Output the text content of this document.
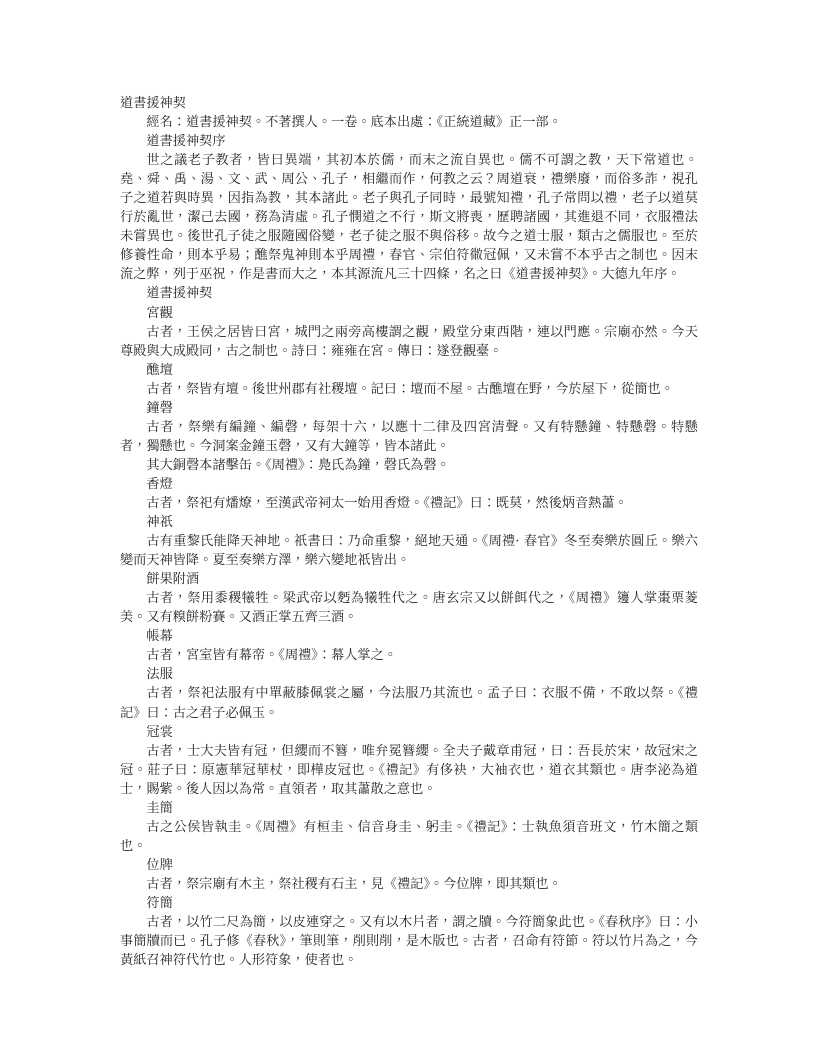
道書援神契

經名：道書援神契。不著撰人。一卷。底本出處：《正統道藏》正一部。

道書援神契序

世之議老子教者，皆曰異端，其初本於儒，而末之流自異也。儒不可謂之教，天下常道也。堯、舜、禹、湯、文、武、周公、孔子，相繼而作，何教之云？周道衰，禮樂廢，而俗多詐，視孔子之道若與時異，因指為教，其本諸此。老子與孔子同時，最號知禮，孔子常問以禮，老子以道莫行於亂世，潔己去國，務為清虛。孔子憫道之不行，斯文將喪，歷聘諸國，其進退不同，衣服禮法未嘗異也。後世孔子徒之服隨國俗變，老子徒之服不與俗移。故今之道士服，類古之儒服也。至於修養性命，則本乎易；醮祭鬼神則本乎周禮，春官、宗伯符幑冠佩，又未嘗不本乎古之制也。因末流之弊，列于巫祝，作是書而大之，本其源流凡三十四條，名之曰《道書援神契》。大德九年序。

道書援神契

宮觀

古者，王侯之居皆曰宮，城門之兩旁高樓謂之觀，殿堂分東西階，連以門應。宗廟亦然。今天尊殿與大成殿同，古之制也。詩曰：雍雍在宮。傳曰：遂登觀臺。

醮壇

古者，祭皆有壇。後世州郡有社稷壇。記曰：壇而不屋。古醮壇在野，今於屋下，從簡也。

鐘磬

古者，祭樂有編鐘、編磬，每架十六，以應十二律及四宮清聲。又有特懸鐘、特懸磬。特懸者，獨懸也。今洞案金鐘玉磬，又有大鐘等，皆本諸此。

其大銅磬本諸擊缶。《周禮》：鳧氏為鐘，磬氏為磬。

香燈

古者，祭祀有燔燎，至漢武帝祠太一始用香燈。《禮記》曰：既莫，然後炳音熱蕭。

神祇

古有重黎氏能降天神地。祇書曰：乃命重黎，絕地天通。《周禮· 春官》冬至奏樂於圓丘。樂六變而天神皆降。夏至奏樂方澤，樂六變地祇皆出。

餅果附酒

古者，祭用黍稷犧牲。梁武帝以麫為犧牲代之。唐玄宗又以餅餌代之，《周禮》籩人掌棗栗菱美。又有糗餅粉賽。又酒正掌五齊三酒。

帳幕

古者，宮室皆有幕帟。《周禮》：幕人掌之。

法服

古者，祭祀法服有中單蔽膝佩裳之屬，今法服乃其流也。孟子曰：衣服不備，不敢以祭。《禮記》曰：古之君子必佩玉。

冠裳

古者，士大夫皆有冠，但纓而不簪，唯弁冕簪纓。全夫子戴章甫冠，曰：吾長於宋，故冠宋之冠。莊子曰：原憲華冠華杖，即樺皮冠也。《禮記》有侈袂，大袖衣也，道衣其類也。唐李泌為道士，賜紫。後人因以為常。直領者，取其蕭散之意也。

圭簡

古之公侯皆執圭。《周禮》有桓圭、信音身圭、躬圭。《禮記》：士執魚須音班文，竹木簡之類也。

位牌

古者，祭宗廟有木主，祭社稷有石主，見《禮記》。今位牌，即其類也。

符簡

古者，以竹二尺為簡，以皮連穿之。又有以木片者，謂之牘。今符簡象此也。《春秋序》曰：小事簡牘而已。孔子修《春秋》，筆則筆，削則削，是木版也。古者，召命有符節。符以竹片為之，今黃紙召神符代竹也。人形符象，使者也。
